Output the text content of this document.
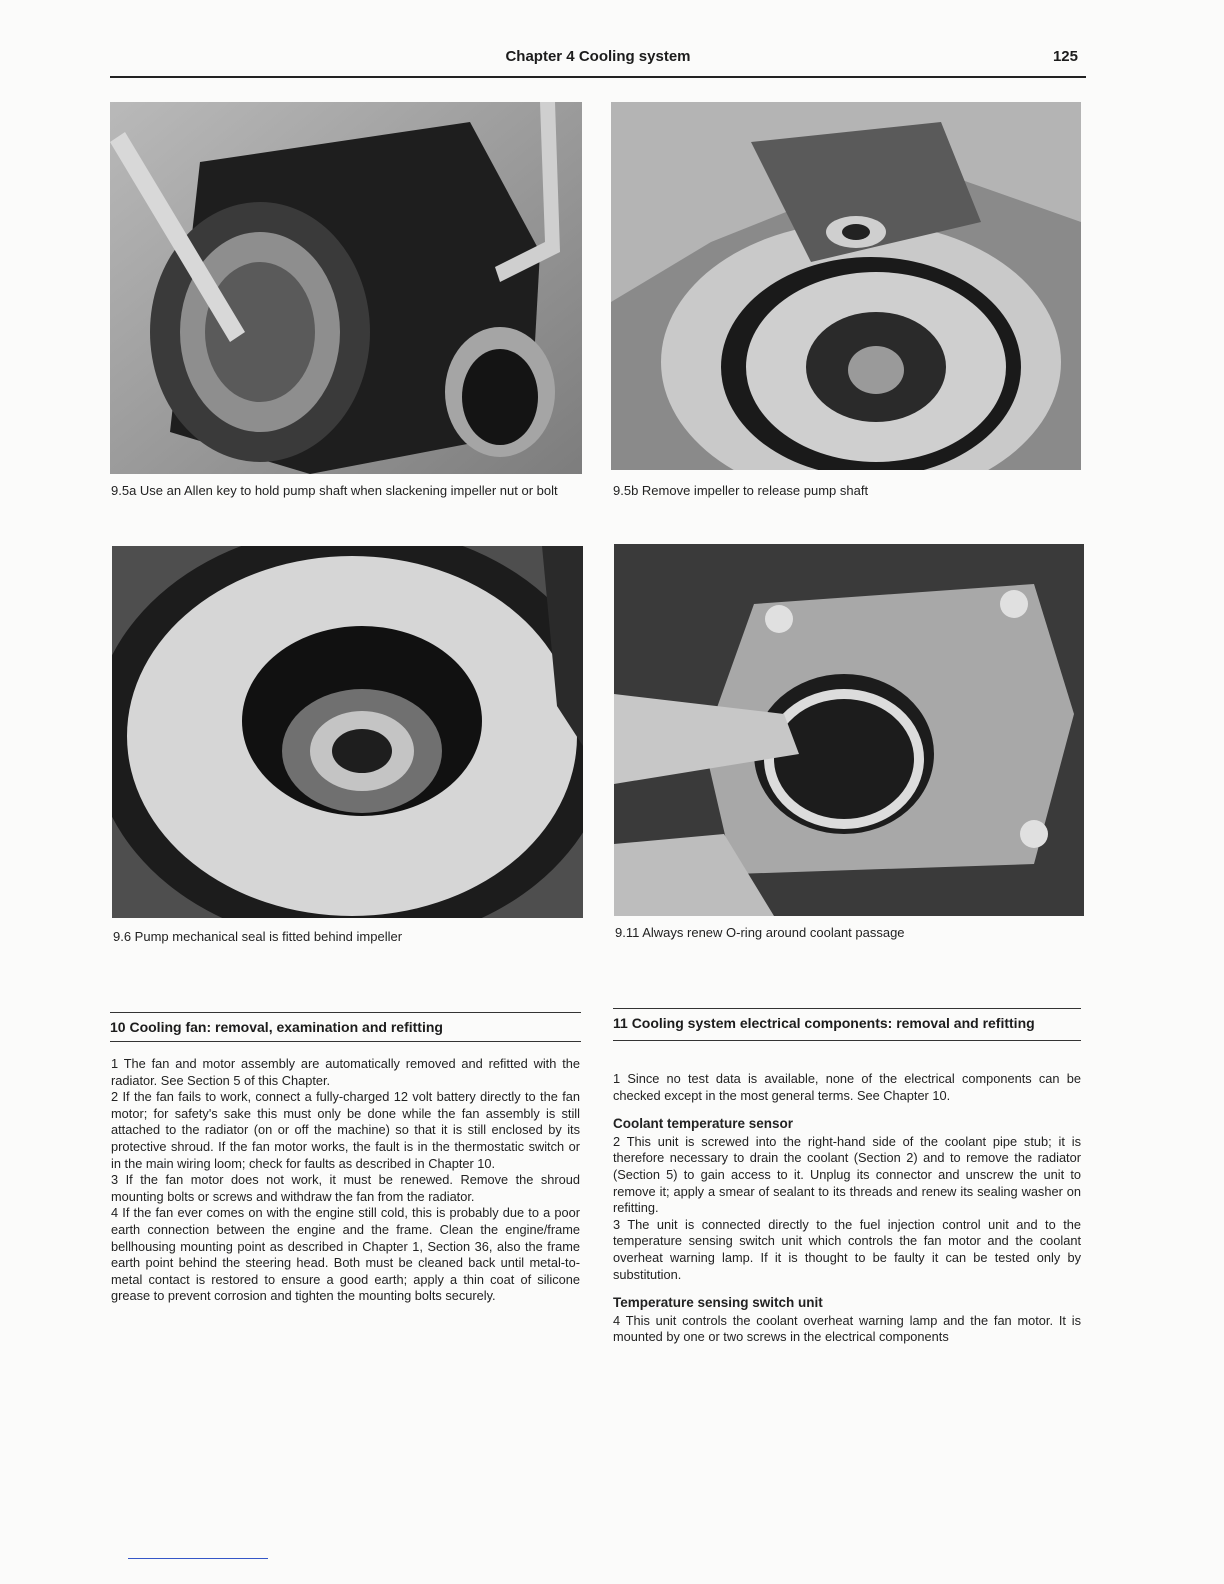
Chapter 4 Cooling system	125
9.5a Use an Allen key to hold pump shaft when slackening impeller nut or bolt	9.5b Remove impeller to release pump shaft
9.6 Pump mechanical seal is fitted behind impeller	9.11 Always renew O-ring around coolant passage
10 Cooling fan: removal, examination and refitting

1 The fan and motor assembly are automatically removed and refitted with the radiator. See Section 5 of this Chapter.

2 If the fan fails to work, connect a fully-charged 12 volt battery directly to the fan motor; for safety's sake this must only be done while the fan assembly is still attached to the radiator (on or off the machine) so that it is still enclosed by its protective shroud. If the fan motor works, the fault is in the thermostatic switch or in the main wiring loom; check for faults as described in Chapter 10.

3 If the fan motor does not work, it must be renewed. Remove the shroud mounting bolts or screws and withdraw the fan from the radiator.

4 If the fan ever comes on with the engine still cold, this is probably due to a poor earth connection between the engine and the frame. Clean the engine/frame bellhousing mounting point as described in Chapter 1, Section 36, also the frame earth point behind the steering head. Both must be cleaned back until metal-to-metal contact is restored to ensure a good earth; apply a thin coat of silicone grease to prevent corrosion and tighten the mounting bolts securely.

11 Cooling system electrical components: removal and refitting

1 Since no test data is available, none of the electrical components can be checked except in the most general terms. See Chapter 10.

Coolant temperature sensor

2 This unit is screwed into the right-hand side of the coolant pipe stub; it is therefore necessary to drain the coolant (Section 2) and to remove the radiator (Section 5) to gain access to it. Unplug its connector and unscrew the unit to remove it; apply a smear of sealant to its threads and renew its sealing washer on refitting.

3 The unit is connected directly to the fuel injection control unit and to the temperature sensing switch unit which controls the fan motor and the coolant overheat warning lamp. If it is thought to be faulty it can be tested only by substitution.

Temperature sensing switch unit

4 This unit controls the coolant overheat warning lamp and the fan motor. It is mounted by one or two screws in the electrical components
